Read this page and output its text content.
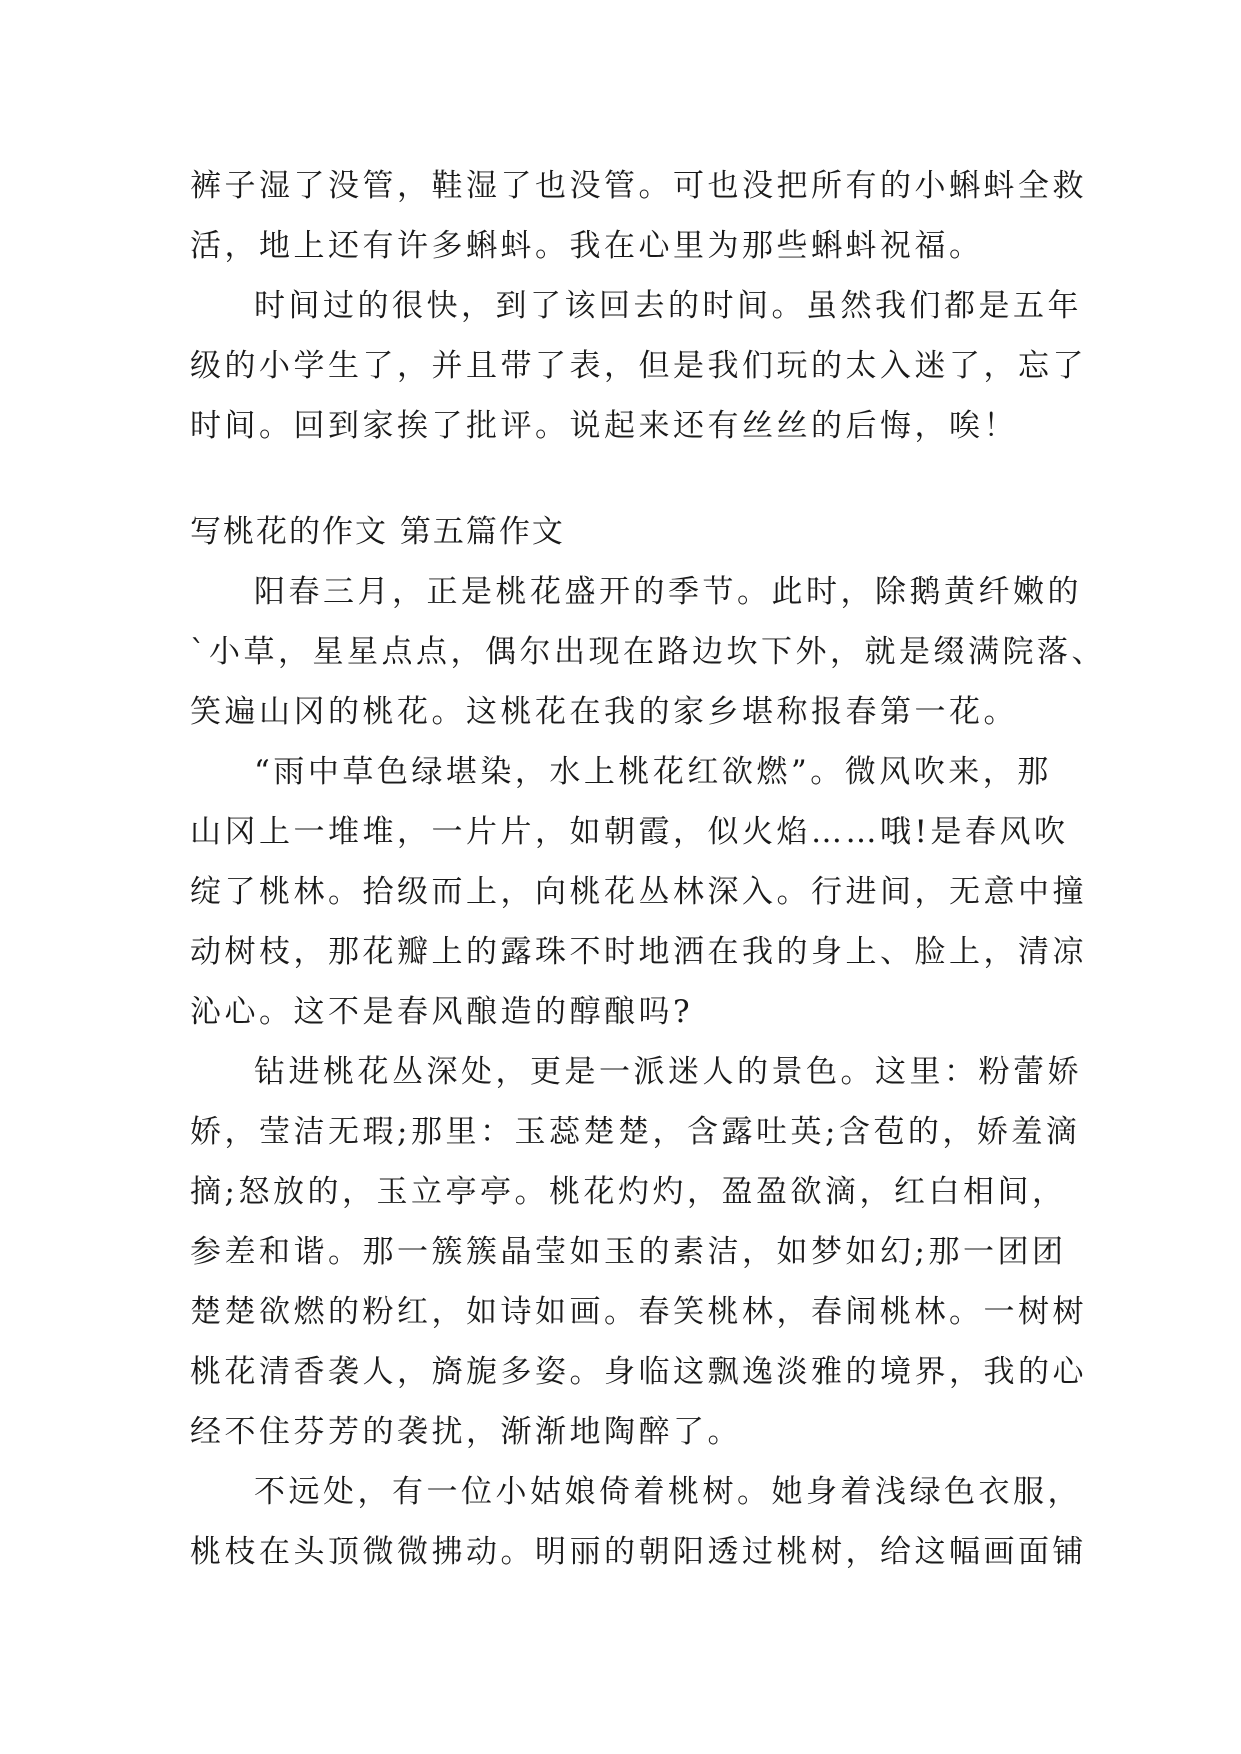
裤子湿了没管，鞋湿了也没管。可也没把所有的小蝌蚪全救
活，地上还有许多蝌蚪。我在心里为那些蝌蚪祝福。
时间过的很快，到了该回去的时间。虽然我们都是五年
级的小学生了，并且带了表，但是我们玩的太入迷了，忘了
时间。回到家挨了批评。说起来还有丝丝的后悔，唉！
写桃花的作文 第五篇作文
阳春三月，正是桃花盛开的季节。此时，除鹅黄纤嫩的
`小草，星星点点，偶尔出现在路边坎下外，就是缀满院落、
笑遍山冈的桃花。这桃花在我的家乡堪称报春第一花。
“雨中草色绿堪染，水上桃花红欲燃”。微风吹来，那
山冈上一堆堆，一片片，如朝霞，似火焰……哦!是春风吹
绽了桃林。拾级而上，向桃花丛林深入。行进间，无意中撞
动树枝，那花瓣上的露珠不时地洒在我的身上、脸上，清凉
沁心。这不是春风酿造的醇酿吗?
钻进桃花丛深处，更是一派迷人的景色。这里：粉蕾娇
娇，莹洁无瑕;那里：玉蕊楚楚，含露吐英;含苞的，娇羞滴
摘;怒放的，玉立亭亭。桃花灼灼，盈盈欲滴，红白相间，
参差和谐。那一簇簇晶莹如玉的素洁，如梦如幻;那一团团
楚楚欲燃的粉红，如诗如画。春笑桃林，春闹桃林。一树树
桃花清香袭人，旖旎多姿。身临这飘逸淡雅的境界，我的心
经不住芬芳的袭扰，渐渐地陶醉了。
不远处，有一位小姑娘倚着桃树。她身着浅绿色衣服，
桃枝在头顶微微拂动。明丽的朝阳透过桃树，给这幅画面铺
